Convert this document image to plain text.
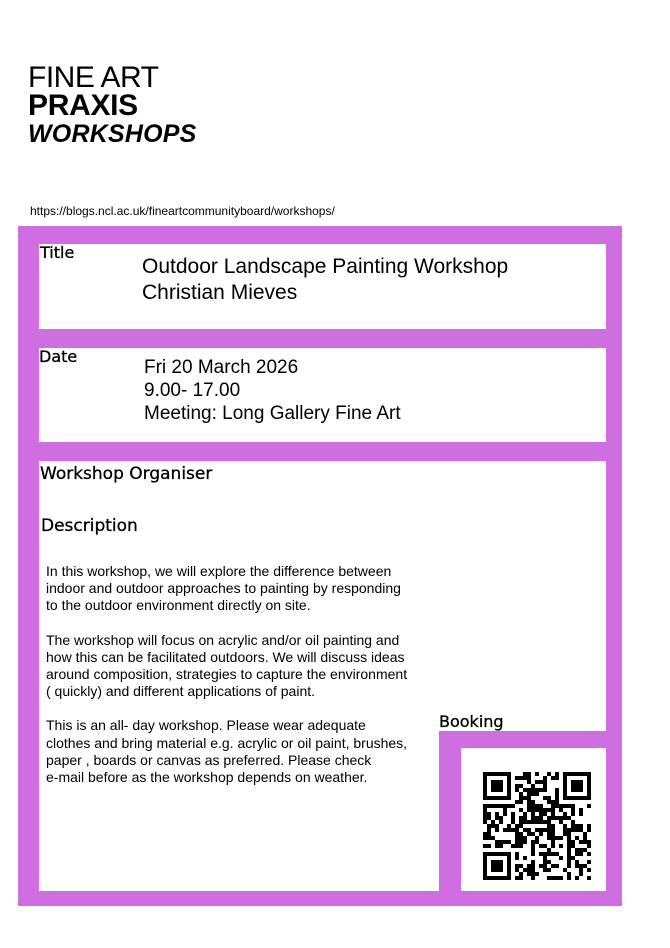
FINE ART
PRAXIS
WORKSHOPS
https://blogs.ncl.ac.uk/fineartcommunityboard/workshops/
Title
Outdoor Landscape Painting Workshop
Christian Mieves
Date
Fri 20 March 2026
9.00- 17.00
Meeting: Long Gallery Fine Art
Workshop Organiser
Description

In this workshop, we will explore the difference between
indoor and outdoor approaches to painting by responding
to the outdoor environment directly on site.

The workshop will focus on acrylic and/or oil painting and
how this can be facilitated outdoors. We will discuss ideas
around composition, strategies to capture the environment
( quickly) and different applications of paint.

This is an all- day workshop. Please wear adequate
clothes and bring material e.g. acrylic or oil paint, brushes,
paper , boards or canvas as preferred. Please check
e-mail before as the workshop depends on weather.

Booking
